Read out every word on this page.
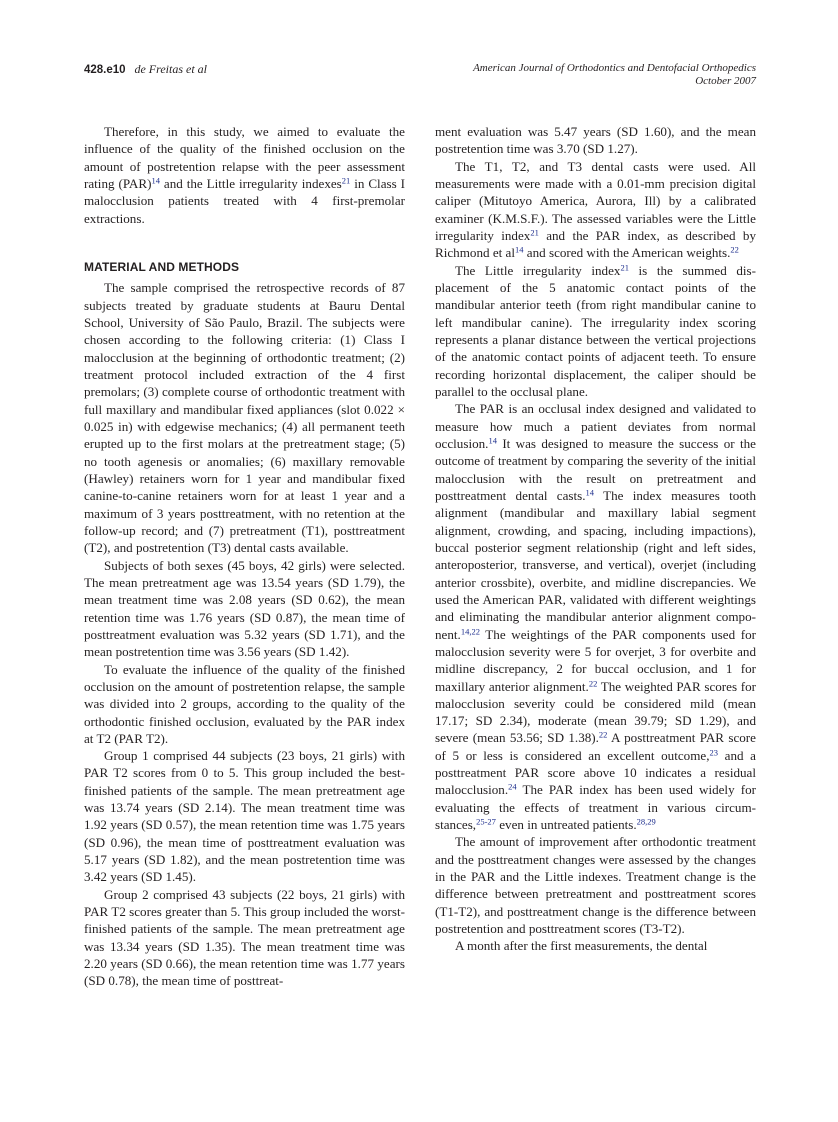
428.e10 de Freitas et al	American Journal of Orthodontics and Dentofacial Orthopedics
October 2007

Therefore, in this study, we aimed to evaluate the influence of the quality of the finished occlusion on the amount of postretention relapse with the peer assessment rating (PAR)$^{14}$ and the Little irregularity indexes$^{21}$ in Class I malocclusion patients treated with 4 first-premolar extractions.

MATERIAL AND METHODS

The sample comprised the retrospective records of 87 subjects treated by graduate students at Bauru Dental School, University of São Paulo, Brazil. The subjects were chosen according to the following criteria: (1) Class I malocclusion at the beginning of orthodontic treatment; (2) treatment protocol included extraction of the 4 first premolars; (3) complete course of orthodontic treatment with full maxillary and mandibular fixed appliances (slot 0.022 × 0.025 in) with edgewise mechanics; (4) all permanent teeth erupted up to the first molars at the pretreatment stage; (5) no tooth agenesis or anomalies; (6) maxillary removable (Hawley) retainers worn for 1 year and mandibular fixed canine-to-canine retainers worn for at least 1 year and a maximum of 3 years posttreatment, with no retention at the follow-up record; and (7) pretreatment (T1), posttreatment (T2), and postretention (T3) dental casts available.

Subjects of both sexes (45 boys, 42 girls) were selected. The mean pretreatment age was 13.54 years (SD 1.79), the mean treatment time was 2.08 years (SD 0.62), the mean retention time was 1.76 years (SD 0.87), the mean time of posttreatment evaluation was 5.32 years (SD 1.71), and the mean postretention time was 3.56 years (SD 1.42).

To evaluate the influence of the quality of the finished occlusion on the amount of postretention relapse, the sample was divided into 2 groups, according to the quality of the orthodontic finished occlusion, evaluated by the PAR index at T2 (PAR T2).

Group 1 comprised 44 subjects (23 boys, 21 girls) with PAR T2 scores from 0 to 5. This group included the best-finished patients of the sample. The mean pretreatment age was 13.74 years (SD 2.14). The mean treatment time was 1.92 years (SD 0.57), the mean retention time was 1.75 years (SD 0.96), the mean time of posttreatment evaluation was 5.17 years (SD 1.82), and the mean postretention time was 3.42 years (SD 1.45).

Group 2 comprised 43 subjects (22 boys, 21 girls) with PAR T2 scores greater than 5. This group included the worst-finished patients of the sample. The mean pretreatment age was 13.34 years (SD 1.35). The mean treatment time was 2.20 years (SD 0.66), the mean retention time was 1.77 years (SD 0.78), the mean time of posttreat-

ment evaluation was 5.47 years (SD 1.60), and the mean postretention time was 3.70 (SD 1.27).

The T1, T2, and T3 dental casts were used. All measurements were made with a 0.01-mm precision digital caliper (Mitutoyo America, Aurora, Ill) by a calibrated examiner (K.M.S.F.). The assessed variables were the Little irregularity index$^{21}$ and the PAR index, as described by Richmond et al$^{14}$ and scored with the American weights.$^{22}$

The Little irregularity index$^{21}$ is the summed displacement of the 5 anatomic contact points of the mandibular anterior teeth (from right mandibular canine to left mandibular canine). The irregularity index scoring represents a planar distance between the vertical projections of the anatomic contact points of adjacent teeth. To ensure recording horizontal displacement, the caliper should be parallel to the occlusal plane.

The PAR is an occlusal index designed and validated to measure how much a patient deviates from normal occlusion.$^{14}$ It was designed to measure the success or the outcome of treatment by comparing the severity of the initial malocclusion with the result on pretreatment and posttreatment dental casts.$^{14}$ The index measures tooth alignment (mandibular and maxillary labial segment alignment, crowding, and spacing, including impactions), buccal posterior segment relationship (right and left sides, anteroposterior, transverse, and vertical), overjet (including anterior crossbite), overbite, and midline discrepancies. We used the American PAR, validated with different weightings and eliminating the mandibular anterior alignment component.$^{14,22}$ The weightings of the PAR components used for malocclusion severity were 5 for overjet, 3 for overbite and midline discrepancy, 2 for buccal occlusion, and 1 for maxillary anterior alignment.$^{22}$ The weighted PAR scores for malocclusion severity could be considered mild (mean 17.17; SD 2.34), moderate (mean 39.79; SD 1.29), and severe (mean 53.56; SD 1.38).$^{22}$ A posttreatment PAR score of 5 or less is considered an excellent outcome,$^{23}$ and a posttreatment PAR score above 10 indicates a residual malocclusion.$^{24}$ The PAR index has been used widely for evaluating the effects of treatment in various circumstances,$^{25-27}$ even in untreated patients.$^{28,29}$

The amount of improvement after orthodontic treatment and the posttreatment changes were assessed by the changes in the PAR and the Little indexes. Treatment change is the difference between pretreatment and posttreatment scores (T1-T2), and posttreatment change is the difference between postretention and posttreatment scores (T3-T2).

A month after the first measurements, the dental
